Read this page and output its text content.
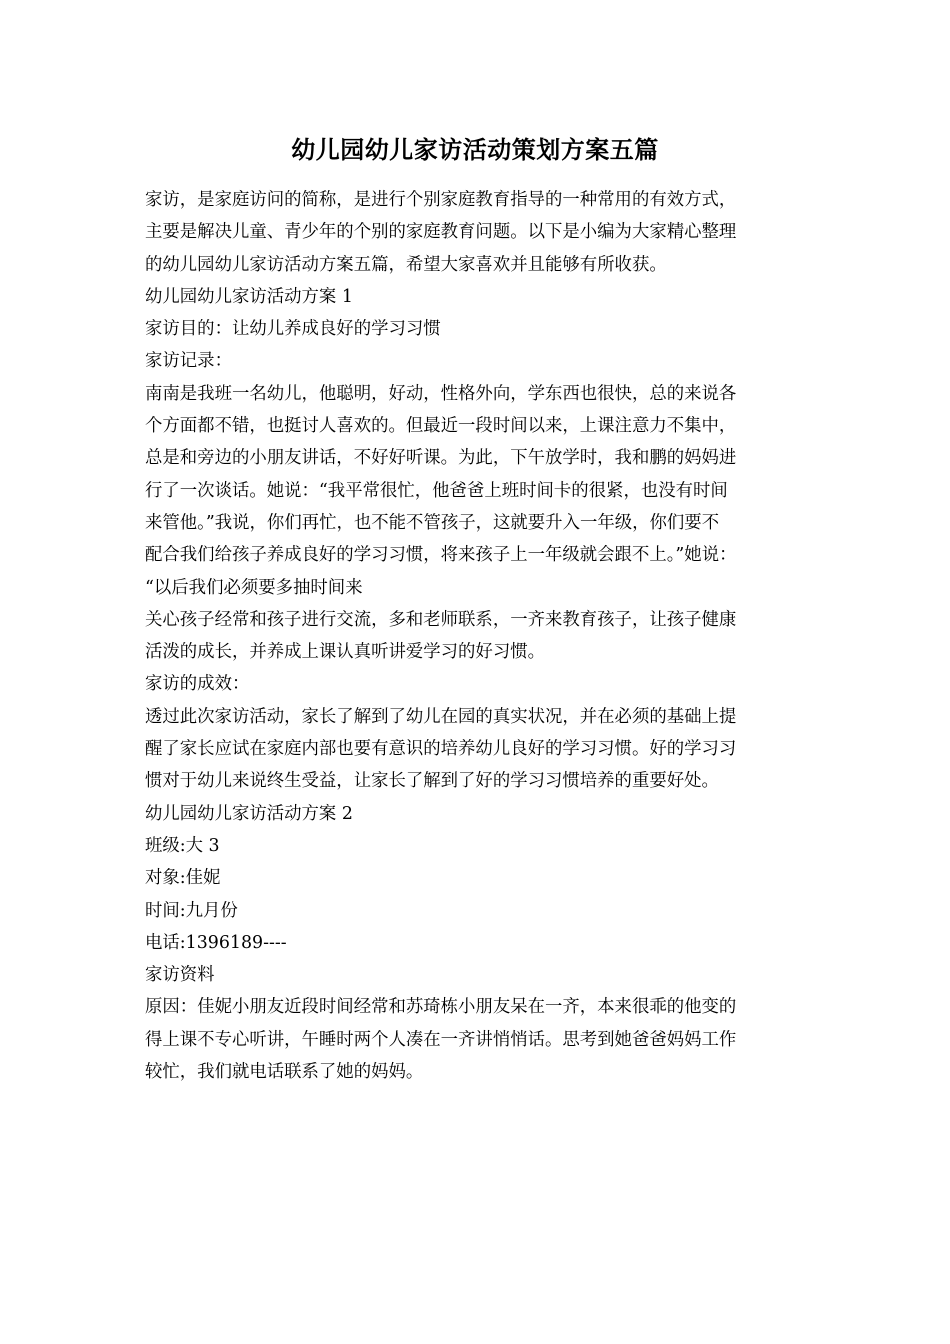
幼儿园幼儿家访活动策划方案五篇

家访，是家庭访问的简称，是进行个别家庭教育指导的一种常用的有效方式，

主要是解决儿童、青少年的个别的家庭教育问题。以下是小编为大家精心整理

的幼儿园幼儿家访活动方案五篇，希望大家喜欢并且能够有所收获。

幼儿园幼儿家访活动方案 1

家访目的：让幼儿养成良好的学习习惯

家访记录：

南南是我班一名幼儿，他聪明，好动，性格外向，学东西也很快，总的来说各

个方面都不错，也挺讨人喜欢的。但最近一段时间以来，上课注意力不集中，

总是和旁边的小朋友讲话，不好好听课。为此，下午放学时，我和鹏的妈妈进

行了一次谈话。她说：“我平常很忙，他爸爸上班时间卡的很紧，也没有时间

来管他。”我说，你们再忙，也不能不管孩子，这就要升入一年级，你们要不

配合我们给孩子养成良好的学习习惯，将来孩子上一年级就会跟不上。”她说：

“以后我们必须要多抽时间来

关心孩子经常和孩子进行交流，多和老师联系，一齐来教育孩子，让孩子健康

活泼的成长，并养成上课认真听讲爱学习的好习惯。

家访的成效：

透过此次家访活动，家长了解到了幼儿在园的真实状况，并在必须的基础上提

醒了家长应试在家庭内部也要有意识的培养幼儿良好的学习习惯。好的学习习

惯对于幼儿来说终生受益，让家长了解到了好的学习习惯培养的重要好处。

幼儿园幼儿家访活动方案 2

班级:大 3

对象:佳妮

时间:九月份

电话:1396189----

家访资料

原因：佳妮小朋友近段时间经常和苏琦栋小朋友呆在一齐，本来很乖的他变的

得上课不专心听讲，午睡时两个人凑在一齐讲悄悄话。思考到她爸爸妈妈工作

较忙，我们就电话联系了她的妈妈。
